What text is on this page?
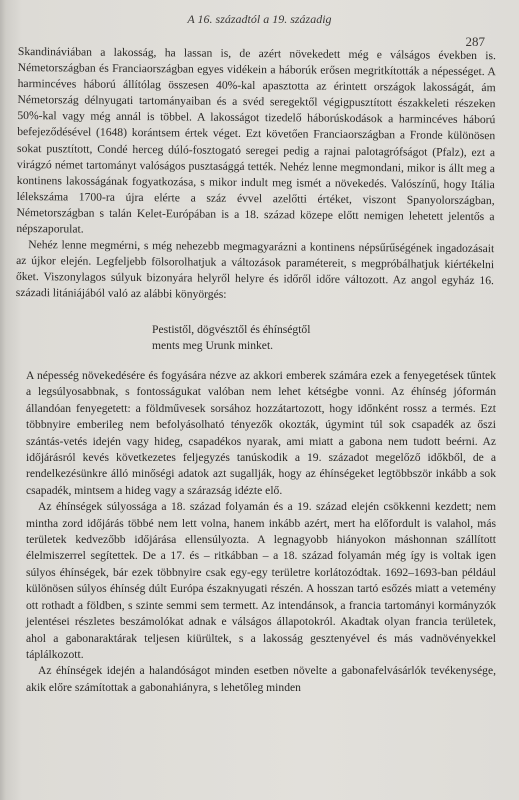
A 16. századtól a 19. századig
287

Skandináviában a lakosság, ha lassan is, de azért növekedett még e válságos években is. Németországban és Franciaországban egyes vidékein a háborúk erősen megritkították a népességet. A harmincéves háború állítólag összesen 40%-kal apasztotta az érintett országok lakosságát, ám Németország délnyugati tartományaiban és a svéd seregektől végigpusztított északkeleti részeken 50%-kal vagy még annál is többel. A lakosságot tizedelő háborúskodások a harmincéves háború befejeződésével (1648) korántsem értek véget. Ezt követően Franciaországban a Fronde különösen sokat pusztított, Condé herceg dúló-fosztogató seregei pedig a rajnai palotagrófságot (Pfalz), ezt a virágzó német tartományt valóságos pusztasággá tették. Nehéz lenne megmondani, mikor is állt meg a kontinens lakosságának fogyatkozása, s mikor indult meg ismét a növekedés. Valószínű, hogy Itália lélekszáma 1700-ra újra elérte a száz évvel azelőtti értéket, viszont Spanyolországban, Németországban s talán Kelet-Európában is a 18. század közepe előtt nemigen lehetett jelentős a népszaporulat.

Nehéz lenne megmérni, s még nehezebb megmagyarázni a kontinens népsűrűségének ingadozásait az újkor elején. Legfeljebb fölsorolhatjuk a változások paramétereit, s megpróbálhatjuk kiértékelni őket. Viszonylagos súlyuk bizonyára helyről helyre és időről időre változott. Az angol egyház 16. századi litániájából való az alábbi könyörgés:

Pestistől, dögvésztől és éhínségtől
ments meg Urunk minket.

A népesség növekedésére és fogyására nézve az akkori emberek számára ezek a fenyegetések tűntek a legsúlyosabbnak, s fontosságukat valóban nem lehet kétségbe vonni. Az éhínség jóformán állandóan fenyegetett: a földművesek sorsához hozzátartozott, hogy időnként rossz a termés. Ezt többnyire emberileg nem befolyásolható tényezők okozták, úgymint túl sok csapadék az őszi szántás-vetés idején vagy hideg, csapadékos nyarak, ami miatt a gabona nem tudott beérni. Az időjárásról kevés következetes feljegyzés tanúskodik a 19. századot megelőző időkből, de a rendelkezésünkre álló minőségi adatok azt sugallják, hogy az éhínségeket legtöbbször inkább a sok csapadék, mintsem a hideg vagy a szárazság idézte elő.

Az éhínségek súlyossága a 18. század folyamán és a 19. század elején csökkenni kezdett; nem mintha zord időjárás többé nem lett volna, hanem inkább azért, mert ha előfordult is valahol, más területek kedvezőbb időjárása ellensúlyozta. A legnagyobb hiányokon máshonnan szállított élelmiszerrel segítettek. De a 17. és – ritkábban – a 18. század folyamán még így is voltak igen súlyos éhínségek, bár ezek többnyire csak egy-egy területre korlátozódtak. 1692–1693-ban például különösen súlyos éhínség dúlt Európa északnyugati részén. A hosszan tartó esőzés miatt a vetemény ott rothadt a földben, s szinte semmi sem termett. Az intendánsok, a francia tartományi kormányzók jelentései részletes beszámolókat adnak e válságos állapotokról. Akadtak olyan francia területek, ahol a gabonaraktárak teljesen kiürültek, s a lakosság gesztenyével és más vadnövényekkel táplálkozott.

Az éhínségek idején a halandóságot minden esetben növelte a gabonafelvásárlók tevékenysége, akik előre számítottak a gabonahiányra, s lehetőleg minden
